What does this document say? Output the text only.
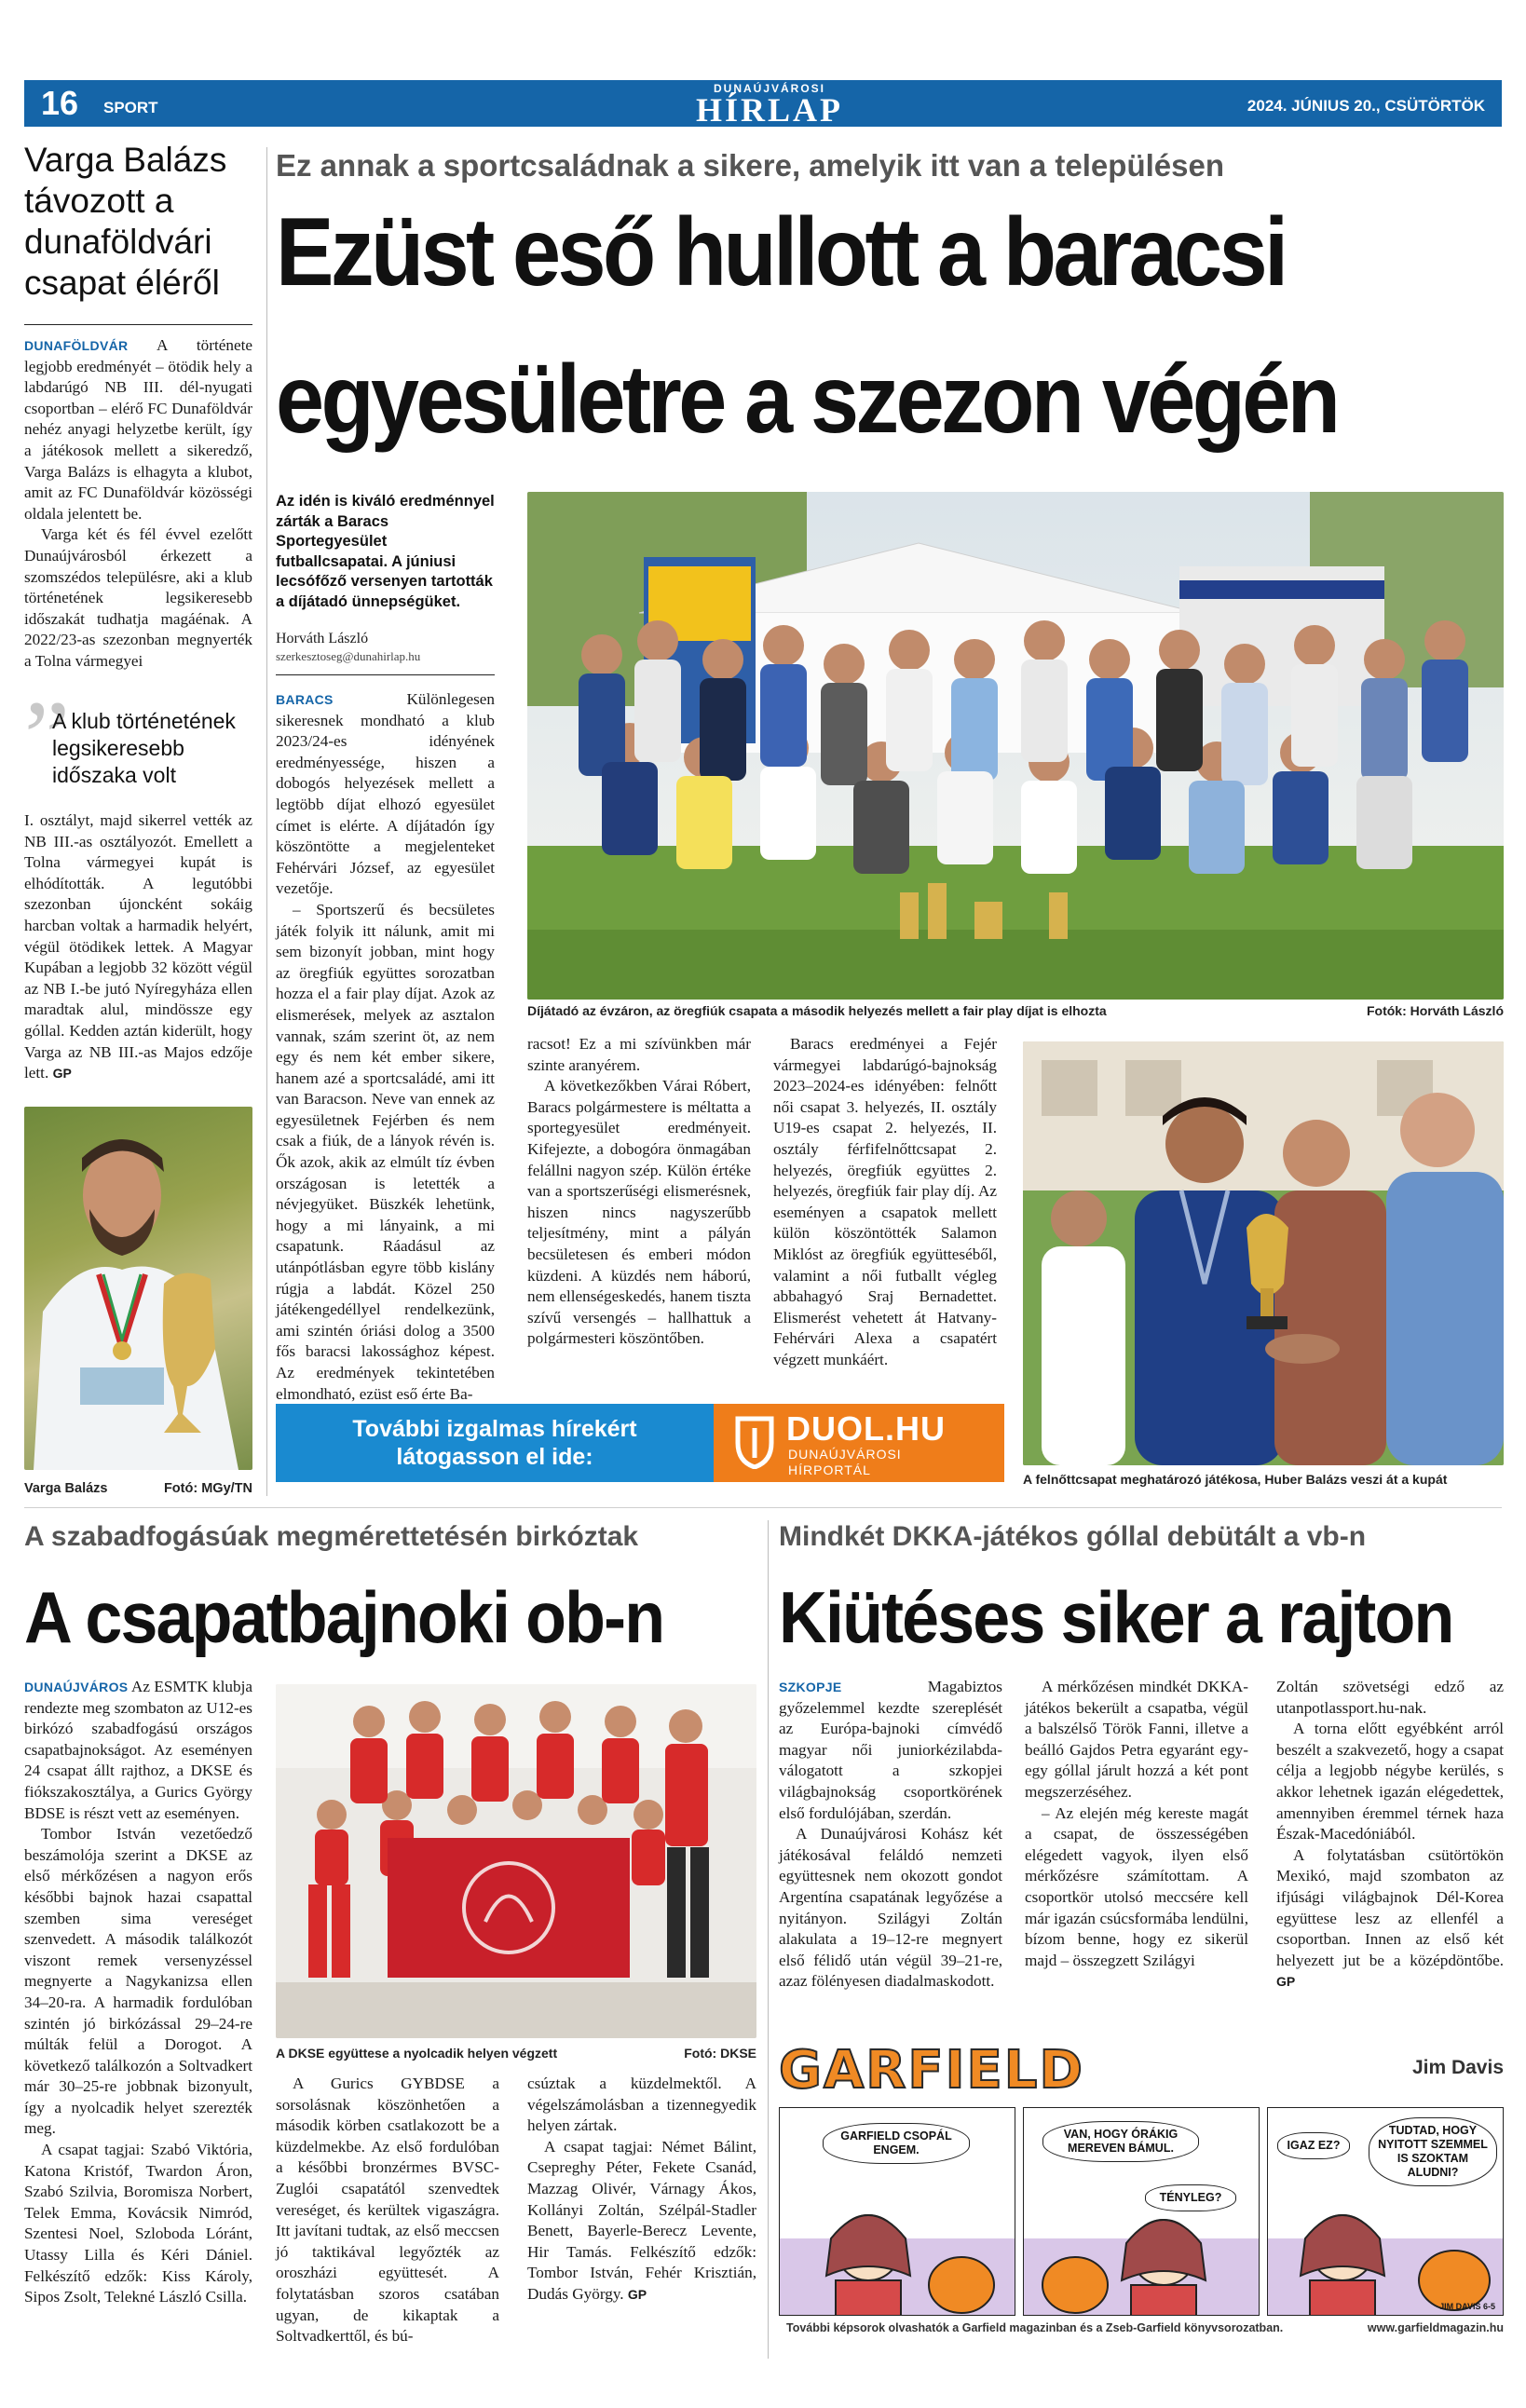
16 SPORT
DUNAÚJVÁROSI
HÍRLAP	2024. JÚNIUS 20., CSÜTÖRTÖK
Varga Balázs távozott a dunaföldvári csapat éléről

DUNAFÖLDVÁR A története legjobb eredményét – ötödik hely a labdarúgó NB III. dél-nyugati csoportban – elérő FC Dunaföldvár nehéz anyagi helyzetbe került, így a játékosok mellett a sikeredző, Varga Balázs is elhagyta a klubot, amit az FC Dunaföldvár közösségi oldala jelentett be.

Varga két és fél évvel ezelőtt Dunaújvárosból érkezett a szomszédos településre, aki a klub történetének legsikeresebb időszakát tudhatja magáénak. A 2022/23-as szezonban megnyerték a Tolna vármegyei

”
A klub történetének legsikeresebb időszaka volt

I. osztályt, majd sikerrel vették az NB III.-as osztályozót. Emellett a Tolna vármegyei kupát is elhódították. A legutóbbi szezonban újoncként sokáig harcban voltak a harmadik helyért, végül ötödikek lettek. A Magyar Kupában a legjobb 32 között végül az NB I.-be jutó Nyíregyháza ellen maradtak alul, mindössze egy góllal. Kedden aztán kiderült, hogy Varga az NB III.-as Majos edzője lett. GP

Varga Balázs	Fotó: MGy/TN
Ez annak a sportcsaládnak a sikere, amelyik itt van a településen
Ezüst eső hullott a baracsi
egyesületre a szezon végén
Az idén is kiváló eredménnyel zárták a Baracs Sportegyesület futballcsapatai. A júniusi lecsófőző versenyen tartották a díjátadó ünnepségüket.
Horváth László
szerkesztoseg@dunahirlap.hu
Díjátadó az évzáron, az öregfiúk csapata a második helyezés mellett a fair play díjat is elhozta	Fotók: Horváth László

BARACS	Különlegesen sikeresnek mondható a klub 2023/24-es idényének eredményessége, hiszen a dobogós helyezések mellett a legtöbb díjat elhozó egyesület címet is elérte. A díjátadón így köszöntötte a megjelenteket Fehérvári József, az egyesület vezetője.

– Sportszerű és becsületes játék folyik itt nálunk, amit mi sem bizonyít jobban, mint hogy az öregfiúk együttes sorozatban hozza el a fair play díjat. Azok az elismerések, melyek az asztalon vannak, szám szerint öt, az nem egy és nem két ember sikere, hanem azé a sportcsaládé, ami itt van Baracson. Neve van ennek az egyesületnek Fejérben és nem csak a fiúk, de a lányok révén is. Ők azok, akik az elmúlt tíz évben országosan is letették a névjegyüket. Büszkék lehetünk, hogy a mi lányaink, a mi csapatunk. Ráadásul az utánpótlásban egyre több kislány rúgja a labdát. Közel 250 játékengedéllyel rendelkezünk, ami szintén óriási dolog a 3500 fős baracsi lakossághoz képest. Az eredmények tekintetében elmondható, ezüst eső érte Ba-

racsot! Ez a mi szívünkben már szinte aranyérem.

A következőkben Várai Róbert, Baracs polgármestere is méltatta a sportegyesület eredményeit. Kifejezte, a dobogóra önmagában felállni nagyon szép. Külön értéke van a sportszerűségi elismerésnek, hiszen nincs nagyszerűbb teljesítmény, mint a pályán becsületesen és emberi módon küzdeni. A küzdés nem háború, nem ellenségeskedés, hanem tiszta szívű versengés – hallhattuk a polgármesteri köszöntőben.

Baracs eredményei a Fejér vármegyei labdarúgó-bajnokság 2023–2024-es idényében: felnőtt női csapat 3. helyezés, II. osztály U19-es csapat 2. helyezés, II. osztály férfifelnőttcsapat 2. helyezés, öregfiúk együttes 2. helyezés, öregfiúk fair play díj. Az eseményen a csapatok mellett külön köszöntötték Salamon Miklóst az öregfiúk együtteséből, valamint a női futballt végleg abbahagyó Sraj Bernadettet. Elismerést vehetett át Hatvany-Fehérvári Alexa a csapatért végzett munkáért.

A felnőttcsapat meghatározó játékosa, Huber Balázs veszi át a kupát
További izgalmas hírekért
látogasson el ide:
DUOL.HU
DUNAÚJVÁROSI
HÍRPORTÁL
A szabadfogásúak megmérettetésén birkóztak
A csapatbajnoki ob-n

DUNAÚJVÁROS Az ESMTK klubja rendezte meg szombaton az U12-es birkózó szabadfogású országos csapatbajnokságot. Az eseményen 24 csapat állt rajthoz, a DKSE és fiókszakosztálya, a Gurics György BDSE is részt vett az eseményen.

Tombor István vezetőedző beszámolója szerint a DKSE az első mérkőzésen a nagyon erős későbbi bajnok hazai csapattal szemben sima vereséget szenvedett. A második találkozót viszont remek versenyzéssel megnyerte a Nagykanizsa ellen 34–20-ra. A harmadik fordulóban szintén jó birkózással 29–24-re múlták felül a Dorogot. A következő találkozón a Soltvadkert már 30–25-re jobbnak bizonyult, így a nyolcadik helyet szerezték meg.

A csapat tagjai: Szabó Viktória, Katona Kristóf, Twardon Áron, Szabó Szilvia, Boromisza Norbert, Telek Emma, Kovácsik Nimród, Szentesi Noel, Szloboda Lóránt, Utassy Lilla és Kéri Dániel. Felkészítő edzők: Kiss Károly, Sipos Zsolt, Telekné László Csilla.

A DKSE együttese a nyolcadik helyen végzett	Fotó: DKSE

A Gurics GYBDSE a sorsolásnak köszönhetően a második körben csatlakozott be a küzdelmekbe. Az első fordulóban a későbbi bronzérmes BVSC-Zuglói csapatától szenvedtek vereséget, és kerültek vigaszágra. Itt javítani tudtak, az első meccsen jó taktikával legyőzték az oroszházi együttesét. A folytatásban szoros csatában ugyan, de kikaptak a Soltvadkerttől, és bú-

csúztak a küzdelmektől. A végelszámolásban a tizennegyedik helyen zártak.

A csapat tagjai: Német Bálint, Csepreghy Péter, Fekete Csanád, Mazzag Olivér, Várnagy Ákos, Kollányi Zoltán, Szélpál-Stadler Benett, Bayerle-Berecz Levente, Hir Tamás. Felkészítő edzők: Tombor István, Fehér Krisztián, Dudás György. GP

Mindkét DKKA-játékos góllal debütált a vb-n
Kiütéses siker a rajton

SZKOPJE	Magabiztos győzelemmel kezdte szereplését az Európa-bajnoki címvédő magyar női juniorkézilabda-válogatott a szkopjei világbajnokság csoportkörének első fordulójában, szerdán.

A Dunaújvárosi Kohász két játékosával feláldó nemzeti együttesnek nem okozott gondot Argentína csapatának legyőzése a nyitányon. Szilágyi Zoltán alakulata a 19–12-re megnyert első félidő után végül 39–21-re, azaz fölényesen diadalmaskodott.

A mérkőzésen mindkét DKKA-játékos bekerült a csapatba, végül a balszélső Török Fanni, illetve a beálló Gajdos Petra egyaránt egy-egy góllal járult hozzá a két pont megszerzéséhez.

– Az elején még kereste magát a csapat, de összességében elégedett vagyok, ilyen első mérkőzésre számítottam. A csoportkör utolsó meccsére kell már igazán csúcsformába lendülni, bízom benne, hogy ez sikerül majd – összegzett Szilágyi

Zoltán szövetségi edző az utanpotlassport.hu-nak.

A torna előtt egyébként arról beszélt a szakvezető, hogy a csapat célja a legjobb négybe kerülés, s akkor lehetnek igazán elégedettek, amennyiben éremmel térnek haza Észak-Macedóniából.

A folytatásban csütörtökön Mexikó, majd szombaton az ifjúsági világbajnok Dél-Korea együttese lesz az ellenfél a csoportban. Innen az első két helyezett jut be a középdöntőbe. GP

GARFIELD	Jim Davis
GARFIELD CSOPÁL ENGEM.
VAN, HOGY ÓRÁKIG MEREVEN BÁMUL.
TÉNYLEG?
IGAZ EZ?
TUDTAD, HOGY NYITOTT SZEMMEL IS SZOKTAM ALUDNI?
JIM DAVIS 6-5
További képsorok olvashatók a Garfield magazinban és a Zseb-Garfield könyvsorozatban.	www.garfieldmagazin.hu
